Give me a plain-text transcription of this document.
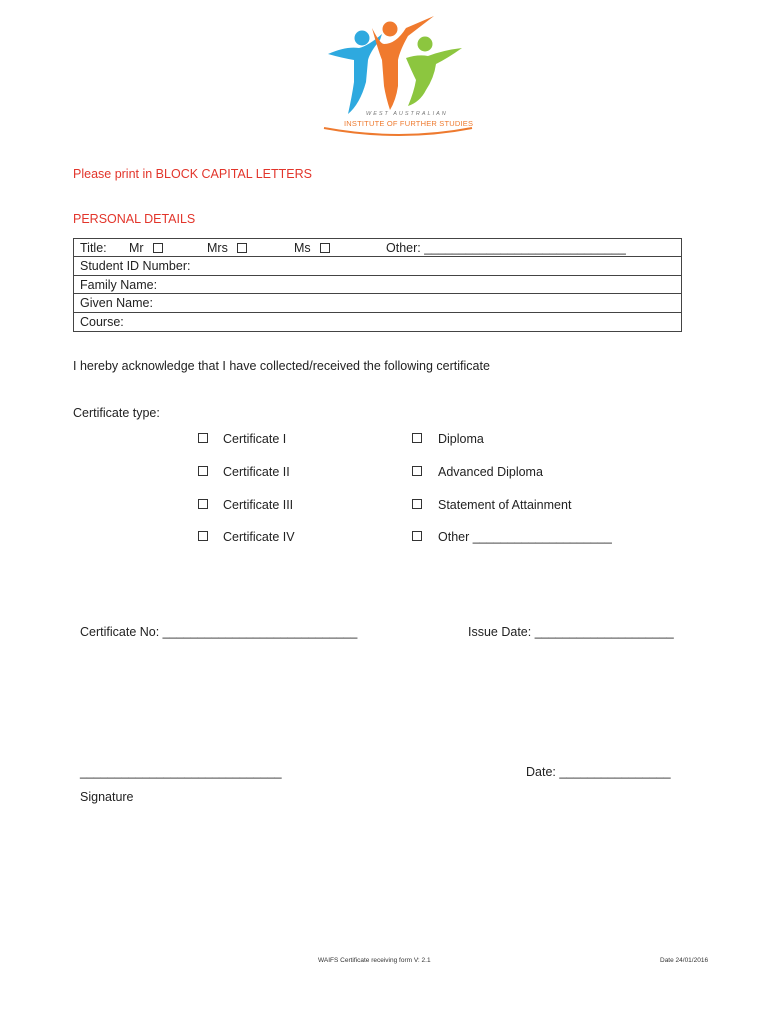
WEST AUSTRALIAN
INSTITUTE OF FURTHER STUDIES
Please print in BLOCK CAPITAL LETTERS
PERSONAL DETAILS
Title: Mr	Mrs	Ms	Other: _____________________________
Student ID Number:
Family Name:
Given Name:
Course:
I hereby acknowledge that I have collected/received the following certificate
Certificate type:
Certificate I
Certificate II
Certificate III
Certificate IV
Diploma
Advanced Diploma
Statement of Attainment
Other ____________________
Certificate No: ____________________________	Issue Date: ____________________
_____________________________
Signature
Date: ________________
WAIFS Certificate receiving form V: 2.1	Date 24/01/2016
